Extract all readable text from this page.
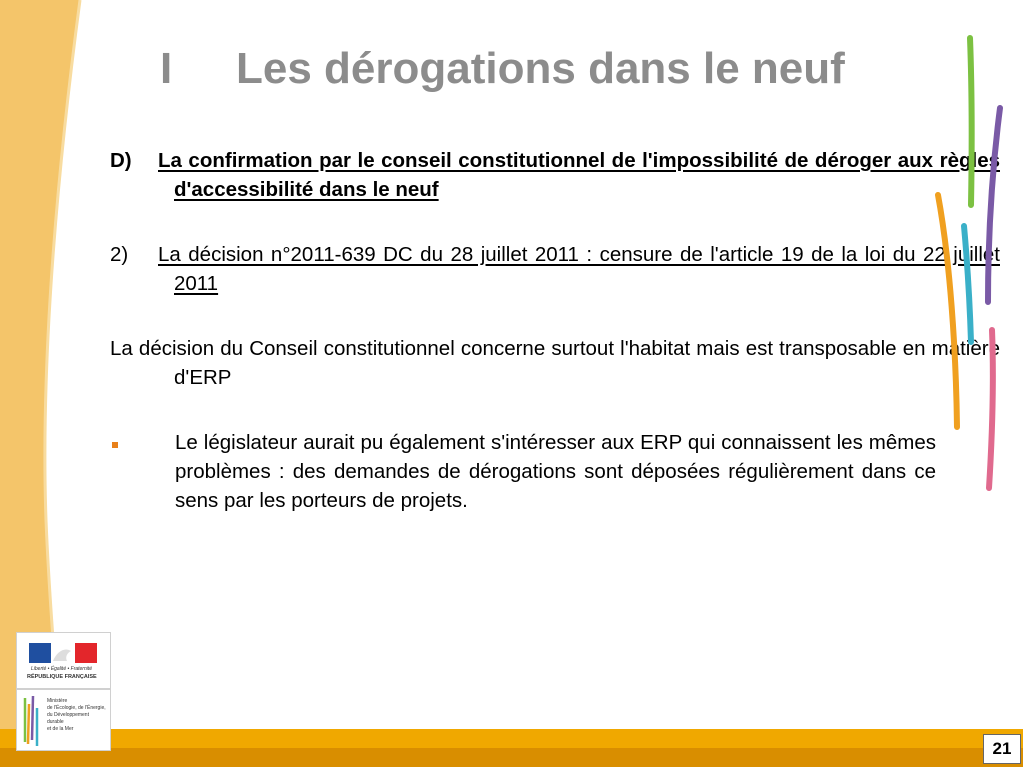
I Les dérogations dans le neuf
D) La confirmation par le conseil constitutionnel de l'impossibilité de déroger aux règles d'accessibilité dans le neuf
2) La décision n°2011-639 DC du 28 juillet 2011 : censure de l'article 19 de la loi du 22 juillet 2011
La décision du Conseil constitutionnel concerne surtout l'habitat mais est transposable en matière d'ERP
Le législateur aurait pu également s'intéresser aux ERP qui connaissent les mêmes problèmes : des demandes de dérogations sont déposées régulièrement dans ce sens par les porteurs de projets.
21
Liberté • Égalité • Fraternité
RÉPUBLIQUE FRANÇAISE
Ministère
de l'Écologie, de l'Énergie,
du Développement
durable
et de la Mer
